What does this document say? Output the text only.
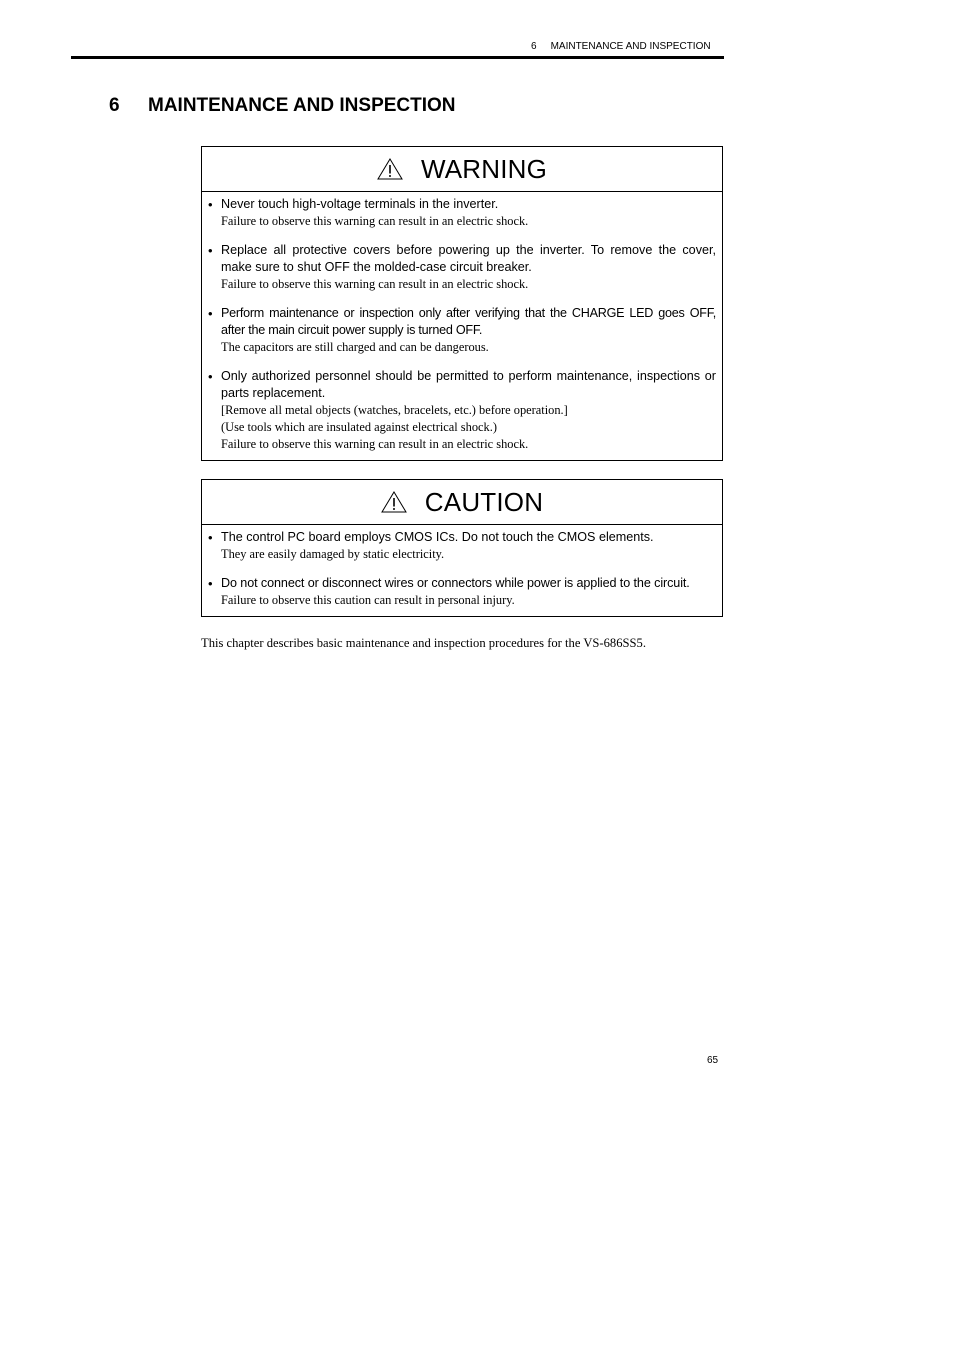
6 MAINTENANCE AND INSPECTION
6 MAINTENANCE AND INSPECTION
WARNING
• Never touch high-voltage terminals in the inverter.
Failure to observe this warning can result in an electric shock.
• Replace all protective covers before powering up the inverter. To remove the cover, make sure to shut OFF the molded-case circuit breaker.
Failure to observe this warning can result in an electric shock.
• Perform maintenance or inspection only after verifying that the CHARGE LED goes OFF, after the main circuit power supply is turned OFF.
The capacitors are still charged and can be dangerous.
• Only authorized personnel should be permitted to perform maintenance, inspections or parts replacement.
[Remove all metal objects (watches, bracelets, etc.) before operation.]
(Use tools which are insulated against electrical shock.)
Failure to observe this warning can result in an electric shock.
CAUTION
• The control PC board employs CMOS ICs. Do not touch the CMOS elements.
They are easily damaged by static electricity.
• Do not connect or disconnect wires or connectors while power is applied to the circuit.
Failure to observe this caution can result in personal injury.
This chapter describes basic maintenance and inspection procedures for the VS-686SS5.
65
